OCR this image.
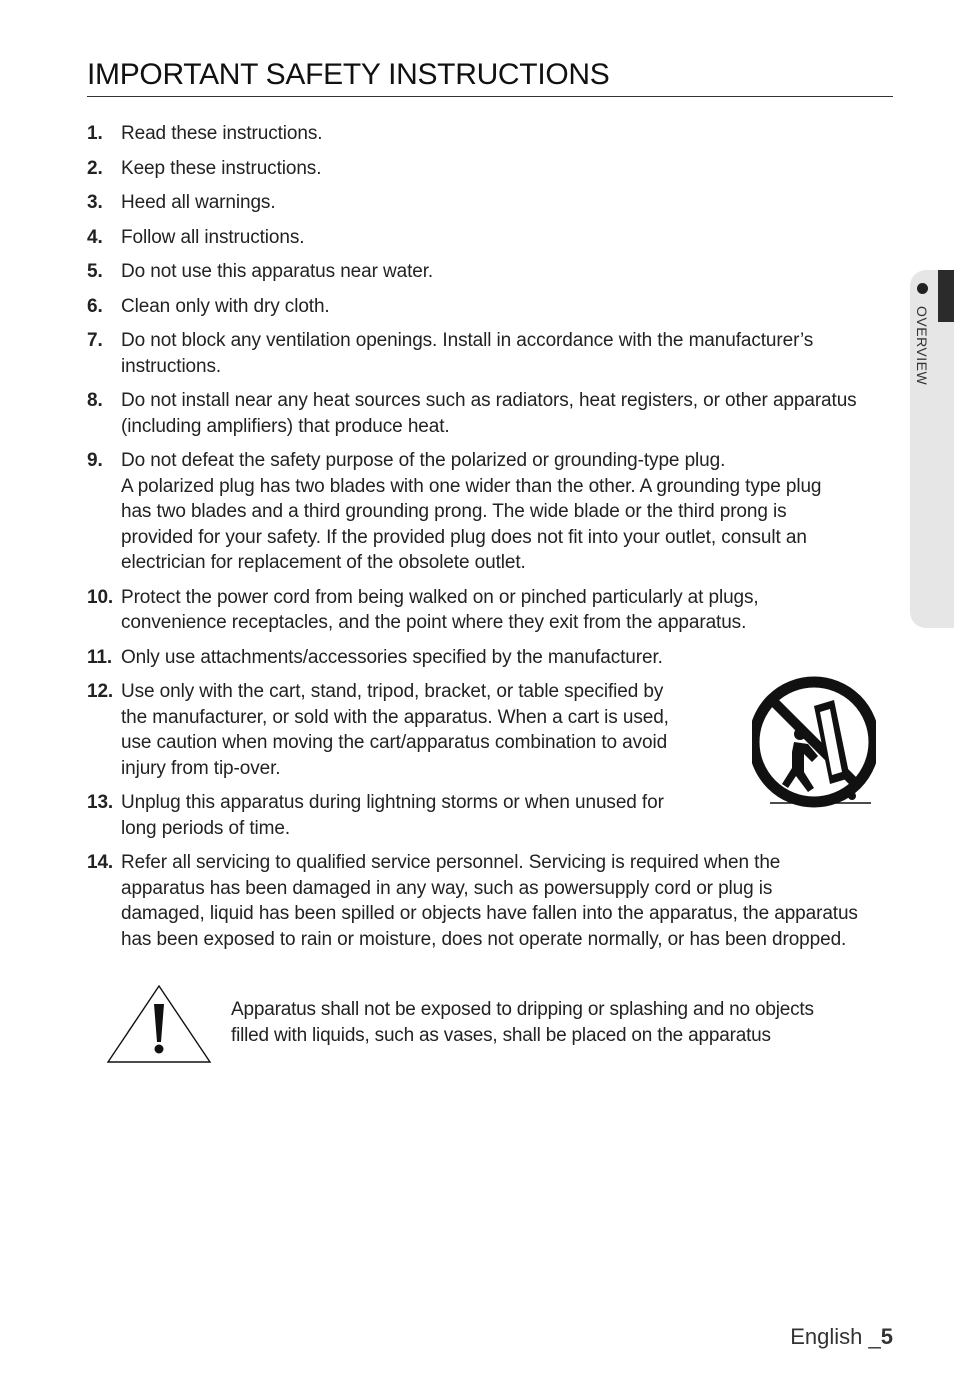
IMPORTANT SAFETY INSTRUCTIONS
OVERVIEW
1. Read these instructions.
2. Keep these instructions.
3. Heed all warnings.
4. Follow all instructions.
5. Do not use this apparatus near water.
6. Clean only with dry cloth.
7. Do not block any ventilation openings. Install in accordance with the manufacturer’s
instructions.
8. Do not install near any heat sources such as radiators, heat registers, or other apparatus
(including amplifiers) that produce heat.
9. Do not defeat the safety purpose of the polarized or grounding-type plug.
A polarized plug has two blades with one wider than the other. A grounding type plug
has two blades and a third grounding prong. The wide blade or the third prong is
provided for your safety. If the provided plug does not fit into your outlet, consult an
electrician for replacement of the obsolete outlet.
10. Protect the power cord from being walked on or pinched particularly at plugs,
convenience receptacles, and the point where they exit from the apparatus.
11. Only use attachments/accessories specified by the manufacturer.
12. Use only with the cart, stand, tripod, bracket, or table specified by
the manufacturer, or sold with the apparatus. When a cart is used,
use caution when moving the cart/apparatus combination to avoid
injury from tip-over.
13. Unplug this apparatus during lightning storms or when unused for
long periods of time.
14. Refer all servicing to qualified service personnel. Servicing is required when the
apparatus has been damaged in any way, such as powersupply cord or plug is
damaged, liquid has been spilled or objects have fallen into the apparatus, the apparatus
has been exposed to rain or moisture, does not operate normally, or has been dropped.
Apparatus shall not be exposed to dripping or splashing and no objects
filled with liquids, such as vases, shall be placed on the apparatus
English _5
